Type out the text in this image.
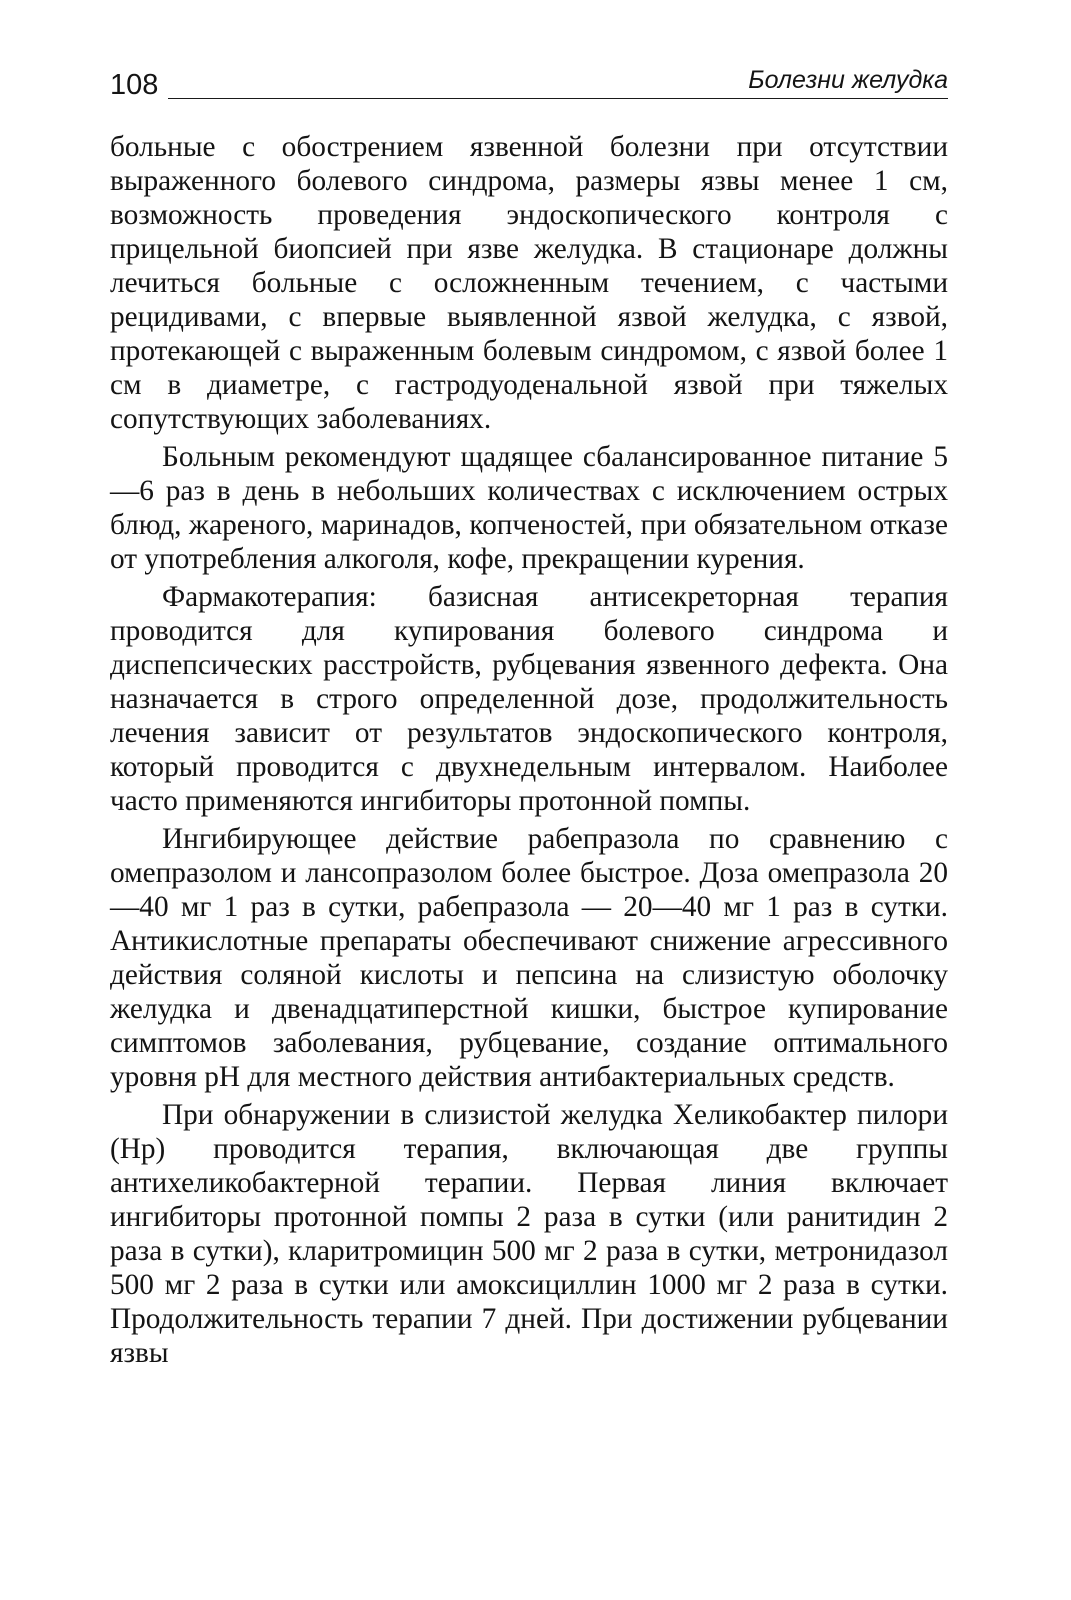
108	Болезни желудка

больные с обострением язвенной болезни при отсутствии выраженного болевого синдрома, размеры язвы менее 1 см, возможность проведения эндоскопического контроля с прицельной биопсией при язве желудка. В стационаре должны лечиться больные с осложненным течением, с частыми рецидивами, с впервые выявленной язвой желудка, с язвой, протекающей с выраженным болевым синдромом, с язвой более 1 см в диаметре, с гастродуоденальной язвой при тяжелых сопутствующих заболеваниях.

Больным рекомендуют щадящее сбалансированное питание 5—6 раз в день в небольших количествах с исключением острых блюд, жареного, маринадов, копченостей, при обязательном отказе от употребления алкоголя, кофе, прекращении курения.

Фармакотерапия: базисная антисекреторная терапия проводится для купирования болевого синдрома и диспепсических расстройств, рубцевания язвенного дефекта. Она назначается в строго определенной дозе, продолжительность лечения зависит от результатов эндоскопического контроля, который проводится с двухнедельным интервалом. Наиболее часто применяются ингибиторы протонной помпы.

Ингибирующее действие рабепразола по сравнению с омепразолом и лансопразолом более быстрое. Доза омепразола 20—40 мг 1 раз в сутки, рабепразола — 20—40 мг 1 раз в сутки. Антикислотные препараты обеспечивают снижение агрессивного действия соляной кислоты и пепсина на слизистую оболочку желудка и двенадцатиперстной кишки, быстрое купирование симптомов заболевания, рубцевание, создание оптимального уровня pH для местного действия антибактериальных средств.

При обнаружении в слизистой желудка Хеликобактер пилори (Hp) проводится терапия, включающая две группы антихеликобактерной терапии. Первая линия включает ингибиторы протонной помпы 2 раза в сутки (или ранитидин 2 раза в сутки), кларитромицин 500 мг 2 раза в сутки, метронидазол 500 мг 2 раза в сутки или амоксициллин 1000 мг 2 раза в сутки. Продолжительность терапии 7 дней. При достижении рубцевании язвы
